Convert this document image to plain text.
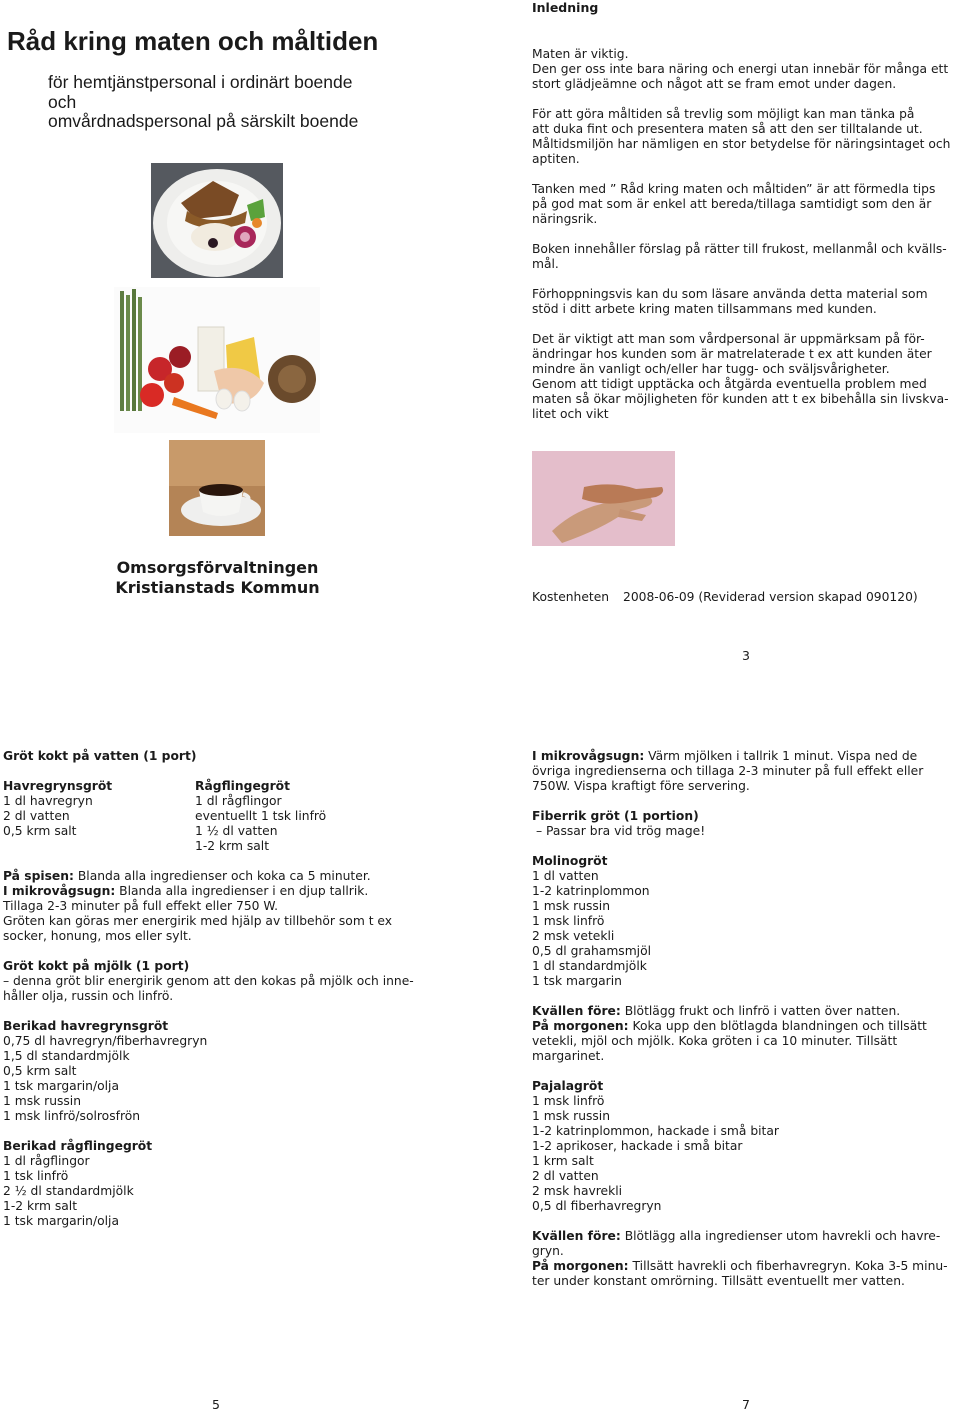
Råd kring maten och måltiden
för hemtjänstpersonal i ordinärt boende
och
omvårdnadspersonal på särskilt boende

Inledning

Maten är viktig.

Den ger oss inte bara näring och energi utan innebär för många ett

stort glädjeämne och något att se fram emot under dagen.

För att göra måltiden så trevlig som möjligt kan man tänka på

att duka fint och presentera maten så att den ser tilltalande ut.

Måltidsmiljön har nämligen en stor betydelse för näringsintaget och

aptiten.

Tanken med ” Råd kring maten och måltiden” är att förmedla tips

på god mat som är enkel att bereda/tillaga samtidigt som den är

näringsrik.

Boken innehåller förslag på rätter till frukost, mellanmål och kvälls-

mål.

Förhoppningsvis kan du som läsare använda detta material som

stöd i ditt arbete kring maten tillsammans med kunden.

Det är viktigt att man som vårdpersonal är uppmärksam på för-

ändringar hos kunden som är matrelaterade t ex att kunden äter

mindre än vanligt och/eller har tugg- och sväljsvårigheter.

Genom att tidigt upptäcka och åtgärda eventuella problem med

maten så ökar möjligheten för kunden att t ex bibehålla sin livskva-

litet och vikt

Omsorgsförvaltningen
Kristianstads Kommun	Kostenheten 2008-06-09 (Reviderad version skapad 090120)
3

Gröt kokt på vatten (1 port)

Havregrynsgröt

1 dl havregryn

2 dl vatten

0,5 krm salt

Rågflingegröt

1 dl rågflingor

eventuellt 1 tsk linfrö

1 ½ dl vatten

1-2 krm salt

På spisen: Blanda alla ingredienser och koka ca 5 minuter.

I mikrovågsugn: Blanda alla ingredienser i en djup tallrik.

Tillaga 2-3 minuter på full effekt eller 750 W.

Gröten kan göras mer energirik med hjälp av tillbehör som t ex

socker, honung, mos eller sylt.

Gröt kokt på mjölk (1 port)

– denna gröt blir energirik genom att den kokas på mjölk och inne-

håller olja, russin och linfrö.

Berikad havregrynsgröt

0,75 dl havregryn/fiberhavregryn

1,5 dl standardmjölk

0,5 krm salt

1 tsk margarin/olja

1 msk russin

1 msk linfrö/solrosfrön

Berikad rågflingegröt

1 dl rågflingor

1 tsk linfrö

2 ½ dl standardmjölk

1-2 krm salt

1 tsk margarin/olja

5

I mikrovågsugn: Värm mjölken i tallrik 1 minut. Vispa ned de

övriga ingredienserna och tillaga 2-3 minuter på full effekt eller

750W. Vispa kraftigt före servering.

Fiberrik gröt (1 portion)

– Passar bra vid trög mage!

Molinogröt

1 dl vatten

1-2 katrinplommon

1 msk russin

1 msk linfrö

2 msk vetekli

0,5 dl grahamsmjöl

1 dl standardmjölk

1 tsk margarin

Kvällen före: Blötlägg frukt och linfrö i vatten över natten.

På morgonen: Koka upp den blötlagda blandningen och tillsätt

vetekli, mjöl och mjölk. Koka gröten i ca 10 minuter. Tillsätt

margarinet.

Pajalagröt

1 msk linfrö

1 msk russin

1-2 katrinplommon, hackade i små bitar

1-2 aprikoser, hackade i små bitar

1 krm salt

2 dl vatten

2 msk havrekli

0,5 dl fiberhavregryn

Kvällen före: Blötlägg alla ingredienser utom havrekli och havre-

gryn.

På morgonen: Tillsätt havrekli och fiberhavregryn. Koka 3-5 minu-

ter under konstant omrörning. Tillsätt eventuellt mer vatten.

7
